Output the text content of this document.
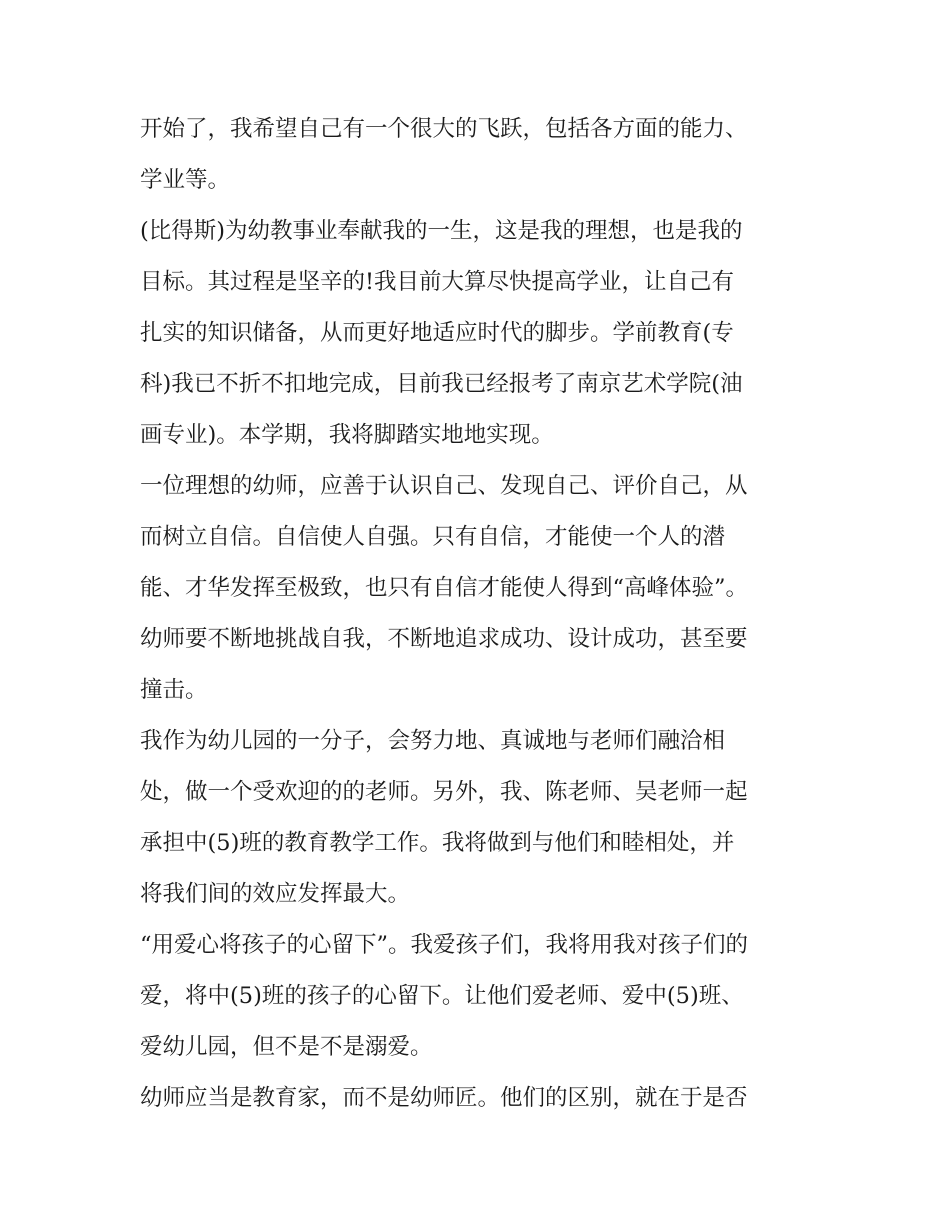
开始了，我希望自己有一个很大的飞跃，包括各方面的能力、
学业等。
(比得斯)为幼教事业奉献我的一生，这是我的理想，也是我的
目标。其过程是坚辛的!我目前大算尽快提高学业，让自己有
扎实的知识储备，从而更好地适应时代的脚步。学前教育(专
科)我已不折不扣地完成，目前我已经报考了南京艺术学院(油
画专业)。本学期，我将脚踏实地地实现。
一位理想的幼师，应善于认识自己、发现自己、评价自己，从
而树立自信。自信使人自强。只有自信，才能使一个人的潜
能、才华发挥至极致，也只有自信才能使人得到“高峰体验”。
幼师要不断地挑战自我，不断地追求成功、设计成功，甚至要
撞击。
我作为幼儿园的一分子，会努力地、真诚地与老师们融洽相
处，做一个受欢迎的的老师。另外，我、陈老师、吴老师一起
承担中(5)班的教育教学工作。我将做到与他们和睦相处，并
将我们间的效应发挥最大。
“用爱心将孩子的心留下”。我爱孩子们，我将用我对孩子们的
爱，将中(5)班的孩子的心留下。让他们爱老师、爱中(5)班、
爱幼儿园，但不是不是溺爱。
幼师应当是教育家，而不是幼师匠。他们的区别，就在于是否
